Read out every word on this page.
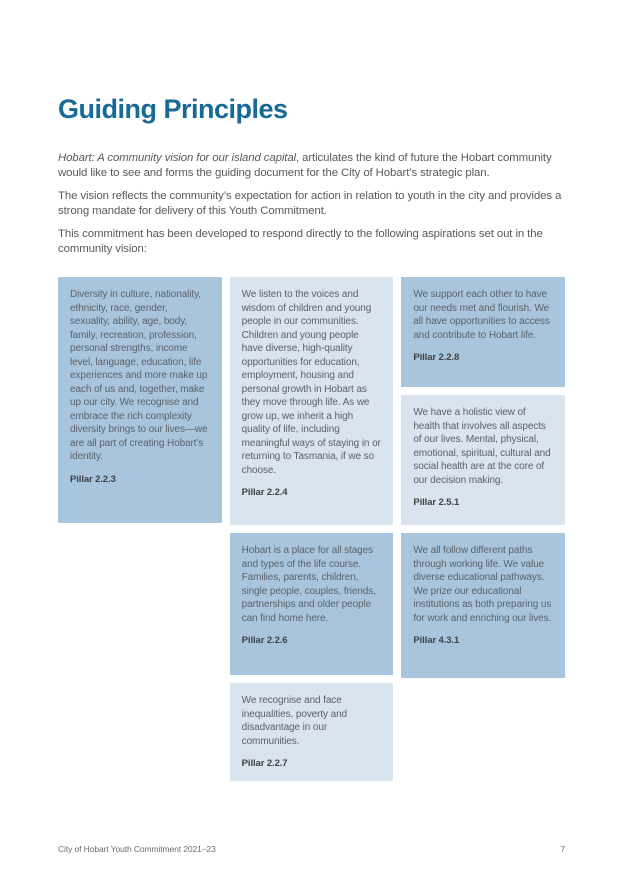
Guiding Principles

Hobart: A community vision for our island capital, articulates the kind of future the Hobart community would like to see and forms the guiding document for the City of Hobart’s strategic plan.

The vision reflects the community’s expectation for action in relation to youth in the city and provides a strong mandate for delivery of this Youth Commitment.

This commitment has been developed to respond directly to the following aspirations set out in the community vision:

Diversity in culture, nationality, ethnicity, race, gender, sexuality, ability, age, body, family, recreation, profession, personal strengths, income level, language, education, life experiences and more make up each of us and, together, make up our city. We recognise and embrace the rich complexity diversity brings to our lives—we are all part of creating Hobart’s identity.
Pillar 2.2.3
We listen to the voices and wisdom of children and young people in our communities. Children and young people have diverse, high-quality opportunities for education, employment, housing and personal growth in Hobart as they move through life. As we grow up, we inherit a high quality of life, including meaningful ways of staying in or returning to Tasmania, if we so choose.
Pillar 2.2.4
Hobart is a place for all stages and types of the life course. Families, parents, children, single people, couples, friends, partnerships and older people can find home here.
Pillar 2.2.6
We recognise and face inequalities, poverty and disadvantage in our communities.
Pillar 2.2.7
We support each other to have our needs met and flourish. We all have opportunities to access and contribute to Hobart life.
Pillar 2.2.8
We have a holistic view of health that involves all aspects of our lives. Mental, physical, emotional, spiritual, cultural and social health are at the core of our decision making.
Pillar 2.5.1
We all follow different paths through working life. We value diverse educational pathways. We prize our educational institutions as both preparing us for work and enriching our lives.
Pillar 4.3.1
City of Hobart Youth Commitment 2021–23	7
